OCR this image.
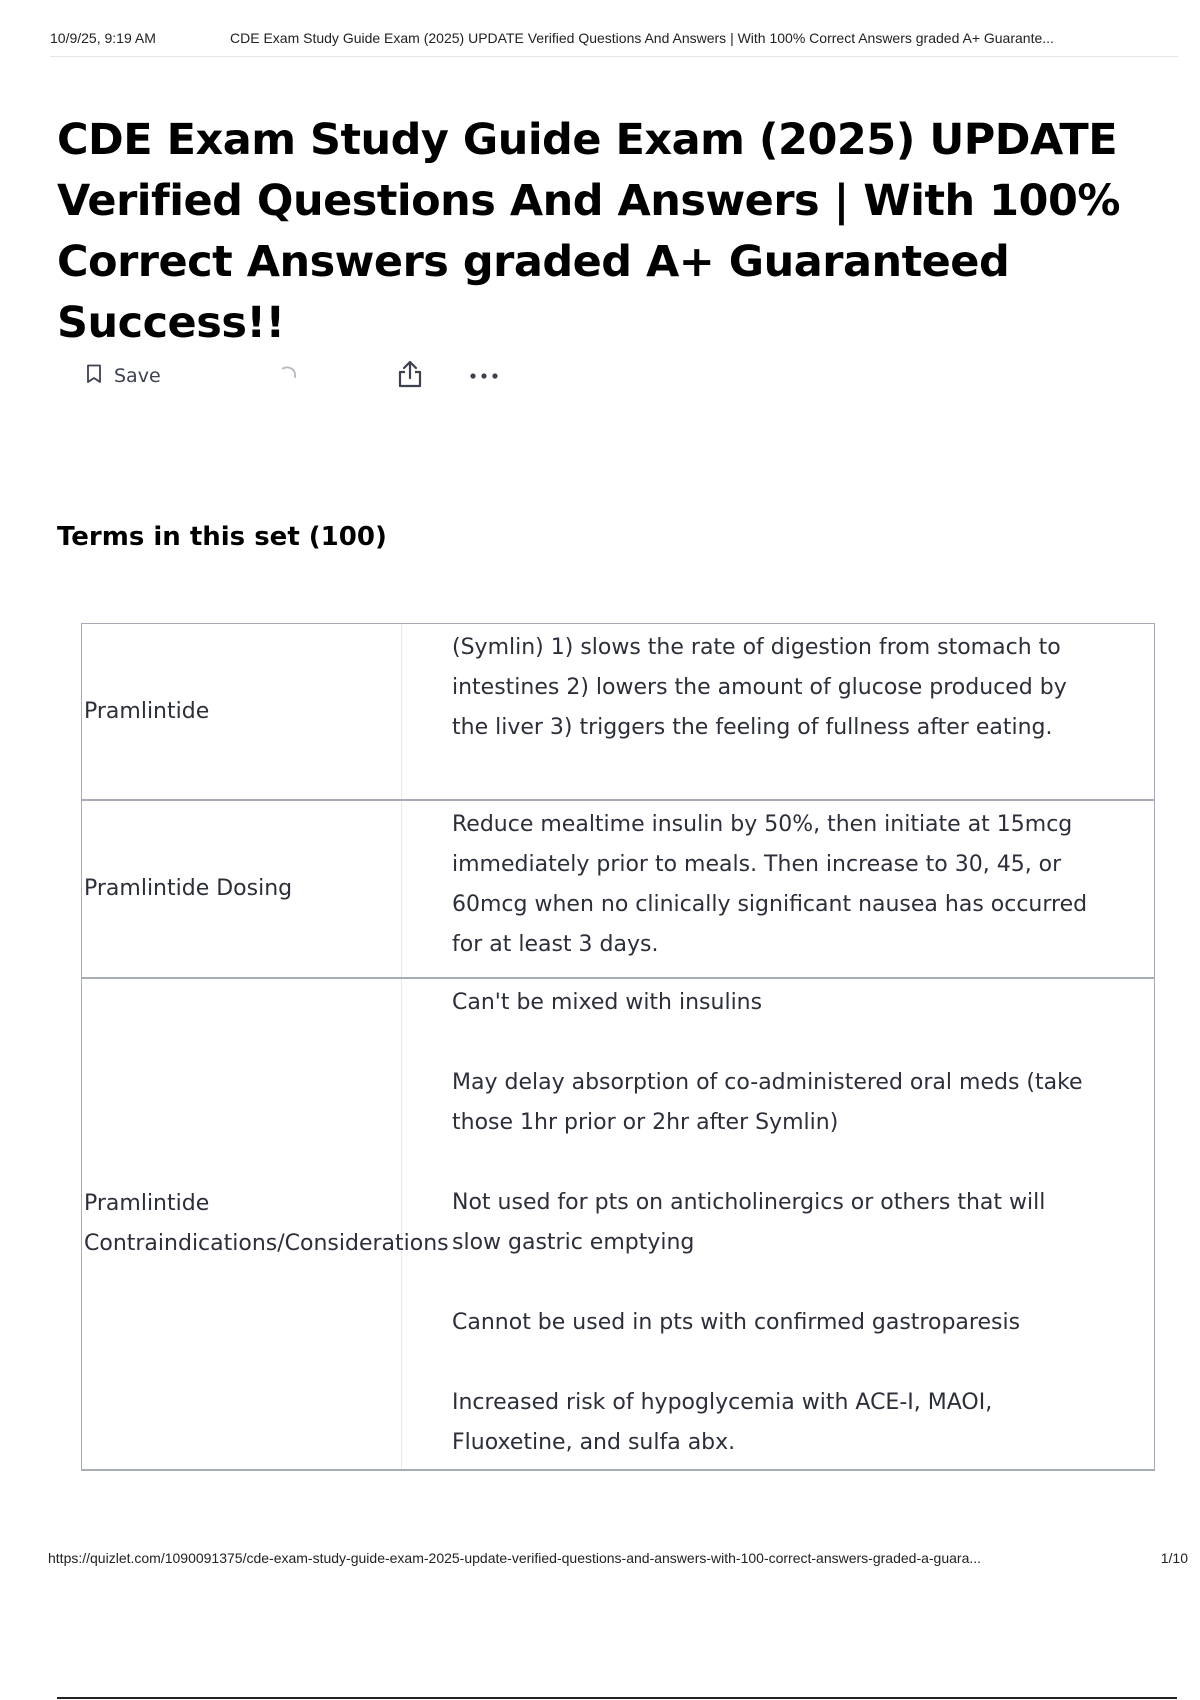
10/9/25, 9:19 AM	CDE Exam Study Guide Exam (2025) UPDATE Verified Questions And Answers | With 100% Correct Answers graded A+ Guarante...
CDE Exam Study Guide Exam (2025) UPDATE Verified Questions And Answers | With 100% Correct Answers graded A+ Guaranteed Success!!
Save
Terms in this set (100)
Pramlintide
(Symlin) 1) slows the rate of digestion from stomach to intestines 2) lowers the amount of glucose produced by the liver 3) triggers the feeling of fullness after eating.
Pramlintide Dosing
Reduce mealtime insulin by 50%, then initiate at 15mcg immediately prior to meals. Then increase to 30, 45, or 60mcg when no clinically significant nausea has occurred for at least 3 days.
Pramlintide Contraindications/Considerations
Can't be mixed with insulins

May delay absorption of co-administered oral meds (take those 1hr prior or 2hr after Symlin)

Not used for pts on anticholinergics or others that will slow gastric emptying

Cannot be used in pts with confirmed gastroparesis

Increased risk of hypoglycemia with ACE-I, MAOI, Fluoxetine, and sulfa abx.
https://quizlet.com/1090091375/cde-exam-study-guide-exam-2025-update-verified-questions-and-answers-with-100-correct-answers-graded-a-guara...	1/10
